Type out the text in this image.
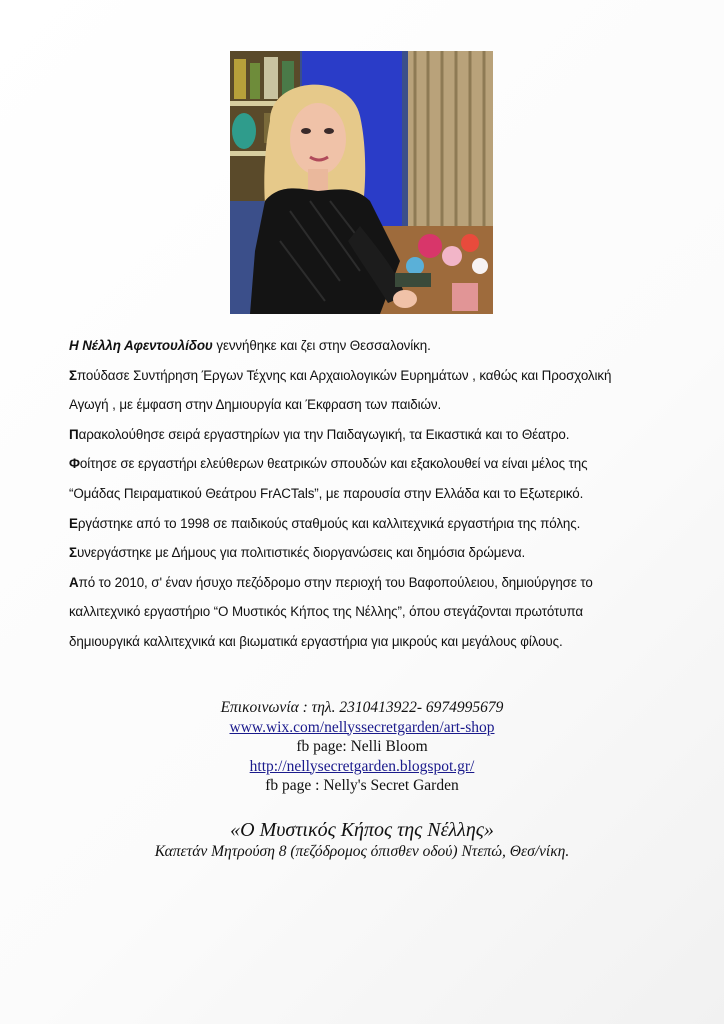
Η Νέλλη Αφεντουλίδου γεννήθηκε και ζει στην Θεσσαλονίκη.

Σπούδασε Συντήρηση Έργων Τέχνης και Αρχαιολογικών Ευρημάτων , καθώς και Προσχολική

Αγωγή , με έμφαση στην Δημιουργία και Έκφραση των παιδιών.

Παρακολούθησε σειρά εργαστηρίων για την Παιδαγωγική, τα Εικαστικά και το Θέατρο.

Φοίτησε σε εργαστήρι ελεύθερων θεατρικών σπουδών και εξακολουθεί να είναι μέλος της

“Ομάδας Πειραματικού Θεάτρου FrACTals”, με παρουσία στην Ελλάδα και το Εξωτερικό.

Εργάστηκε από το 1998 σε παιδικούς σταθμούς και καλλιτεχνικά εργαστήρια της πόλης.

Συνεργάστηκε με Δήμους για πολιτιστικές διοργανώσεις και δημόσια δρώμενα.

Από το 2010, σ' έναν ήσυχο πεζόδρομο στην περιοχή του Βαφοπούλειου, δημιούργησε το

καλλιτεχνικό εργαστήριο “Ο Μυστικός Κήπος της Νέλλης”, όπου στεγάζονται πρωτότυπα

δημιουργικά καλλιτεχνικά και βιωματικά εργαστήρια για μικρούς και μεγάλους φίλους.

Επικοινωνία : τηλ. 2310413922- 6974995679
www.wix.com/nellyssecretgarden/art-shop
fb page: Nelli Bloom
http://nellysecretgarden.blogspot.gr/
fb page : Nelly's Secret Garden
«Ο Μυστικός Κήπος της Νέλλης»
Καπετάν Μητρούση 8 (πεζόδρομος όπισθεν οδού) Ντεπώ, Θεσ/νίκη.
